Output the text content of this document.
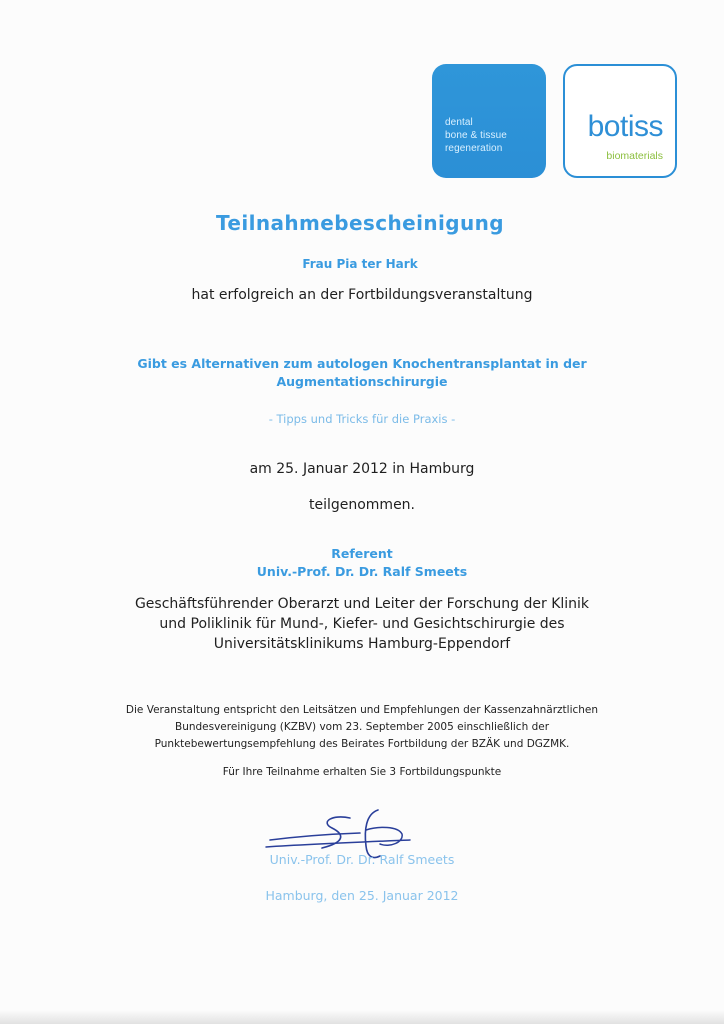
dental
bone & tissue
regeneration
botiss
biomaterials
Teilnahmebescheinigung
Frau Pia ter Hark
hat erfolgreich an der Fortbildungsveranstaltung
Gibt es Alternativen zum autologen Knochentransplantat in der
Augmentationschirurgie
- Tipps und Tricks für die Praxis -
am 25. Januar 2012 in Hamburg
teilgenommen.
Referent
Univ.-Prof. Dr. Dr. Ralf Smeets
Geschäftsführender Oberarzt und Leiter der Forschung der Klinik
und Poliklinik für Mund-, Kiefer- und Gesichtschirurgie des
Universitätsklinikums Hamburg-Eppendorf
Die Veranstaltung entspricht den Leitsätzen und Empfehlungen der Kassenzahnärztlichen
Bundesvereinigung (KZBV) vom 23. September 2005 einschließlich der
Punktebewertungsempfehlung des Beirates Fortbildung der BZÄK und DGZMK.
Für Ihre Teilnahme erhalten Sie 3 Fortbildungspunkte
Univ.-Prof. Dr. Dr. Ralf Smeets
Hamburg, den 25. Januar 2012
